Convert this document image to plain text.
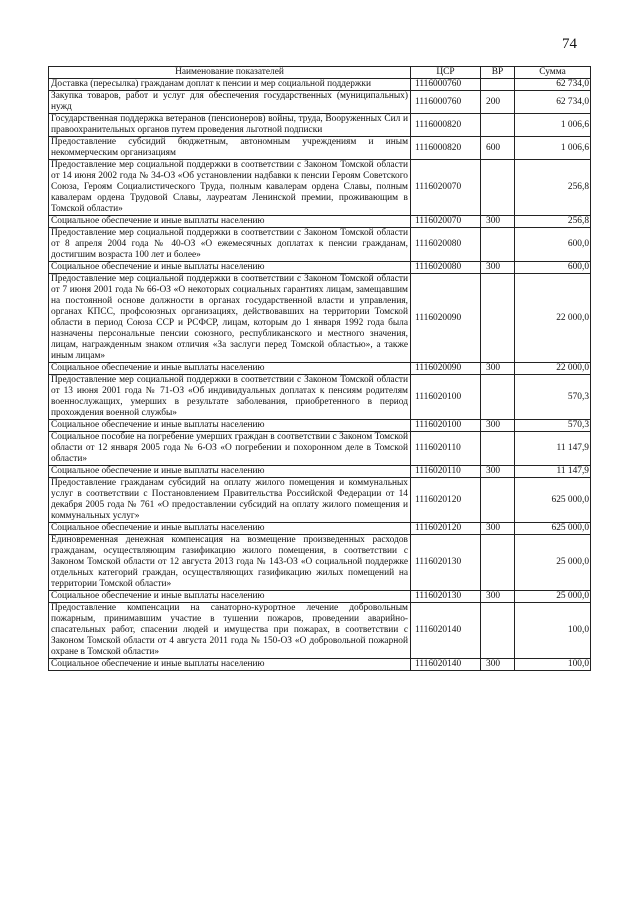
74
Наименование показателей	ЦСР	ВР	Сумма
Доставка (пересылка) гражданам доплат к пенсии и мер социальной поддержки	1116000760		62 734,0
Закупка товаров, работ и услуг для обеспечения государственных (муниципальных) нужд	1116000760	200	62 734,0
Государственная поддержка ветеранов (пенсионеров) войны, труда, Вооруженных Сил и правоохранительных органов путем проведения льготной подписки	1116000820		1 006,6
Предоставление субсидий бюджетным, автономным учреждениям и иным некоммерческим организациям	1116000820	600	1 006,6
Предоставление мер социальной поддержки в соответствии с Законом Томской области от 14 июня 2002 года № 34-ОЗ «Об установлении надбавки к пенсии Героям Советского Союза, Героям Социалистического Труда, полным кавалерам ордена Славы, полным кавалерам ордена Трудовой Славы, лауреатам Ленинской премии, проживающим в Томской области»	1116020070		256,8
Социальное обеспечение и иные выплаты населению	1116020070	300	256,8
Предоставление мер социальной поддержки в соответствии с Законом Томской области от 8 апреля 2004 года № 40-ОЗ «О ежемесячных доплатах к пенсии гражданам, достигшим возраста 100 лет и более»	1116020080		600,0
Социальное обеспечение и иные выплаты населению	1116020080	300	600,0
Предоставление мер социальной поддержки в соответствии с Законом Томской области от 7 июня 2001 года № 66-ОЗ «О некоторых социальных гарантиях лицам, замещавшим на постоянной основе должности в органах государственной власти и управления, органах КПСС, профсоюзных организациях, действовавших на территории Томской области в период Союза ССР и РСФСР, лицам, которым до 1 января 1992 года была назначены персональные пенсии союзного, республиканского и местного значения, лицам, награжденным знаком отличия «За заслуги перед Томской областью», а также иным лицам»	1116020090		22 000,0
Социальное обеспечение и иные выплаты населению	1116020090	300	22 000,0
Предоставление мер социальной поддержки в соответствии с Законом Томской области от 13 июня 2001 года № 71-ОЗ «Об индивидуальных доплатах к пенсиям родителям военнослужащих, умерших в результате заболевания, приобретенного в период прохождения военной службы»	1116020100		570,3
Социальное обеспечение и иные выплаты населению	1116020100	300	570,3
Социальное пособие на погребение умерших граждан в соответствии с Законом Томской области от 12 января 2005 года № 6-ОЗ «О погребении и похоронном деле в Томской области»	1116020110		11 147,9
Социальное обеспечение и иные выплаты населению	1116020110	300	11 147,9
Предоставление гражданам субсидий на оплату жилого помещения и коммунальных услуг в соответствии с Постановлением Правительства Российской Федерации от 14 декабря 2005 года № 761 «О предоставлении субсидий на оплату жилого помещения и коммунальных услуг»	1116020120		625 000,0
Социальное обеспечение и иные выплаты населению	1116020120	300	625 000,0
Единовременная денежная компенсация на возмещение произведенных расходов гражданам, осуществляющим газификацию жилого помещения, в соответствии с Законом Томской области от 12 августа 2013 года № 143-ОЗ «О социальной поддержке отдельных категорий граждан, осуществляющих газификацию жилых помещений на территории Томской области»	1116020130		25 000,0
Социальное обеспечение и иные выплаты населению	1116020130	300	25 000,0
Предоставление компенсации на санаторно-курортное лечение добровольным пожарным, принимавшим участие в тушении пожаров, проведении аварийно-спасательных работ, спасении людей и имущества при пожарах, в соответствии с Законом Томской области от 4 августа 2011 года № 150-ОЗ «О добровольной пожарной охране в Томской области»	1116020140		100,0
Социальное обеспечение и иные выплаты населению	1116020140	300	100,0
